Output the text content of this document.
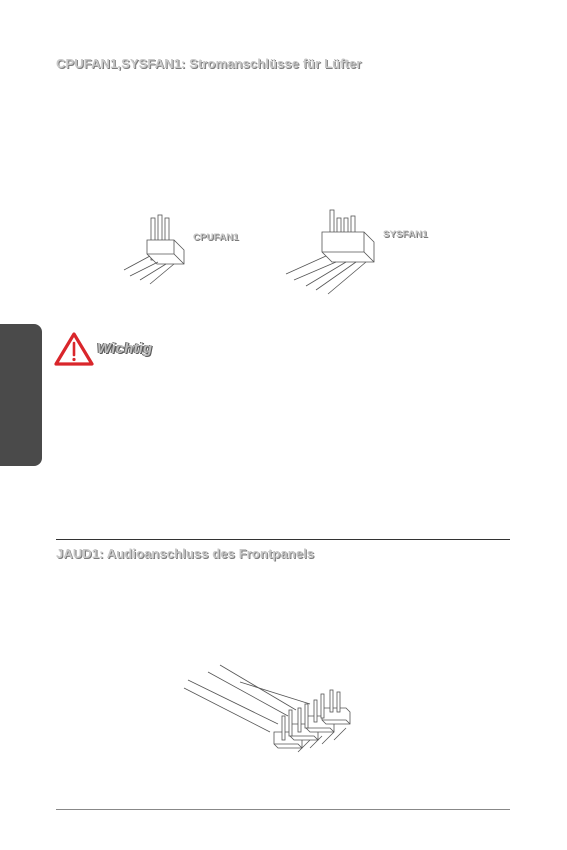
CPUFAN1,SYSFAN1: Stromanschlüsse für Lüfter
CPUFAN1	SYSFAN1
Wichtig
JAUD1: Audioanschluss des Frontpanels
